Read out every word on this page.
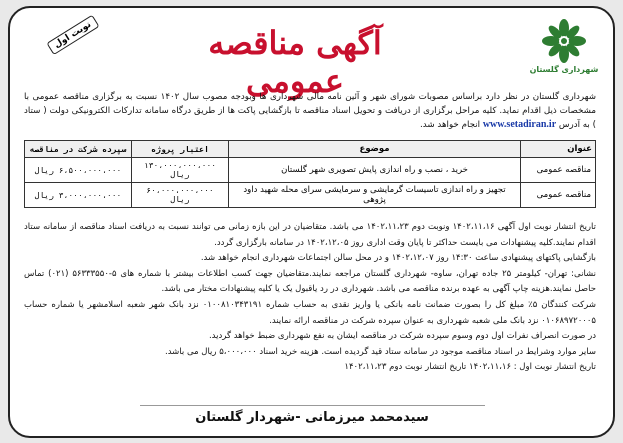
شهرداری گلستان
آگهی مناقصه عمومی
نوبت اول
شهرداری گلستان در نظر دارد براساس مصوبات شورای شهر و آئین نامه مالی شهرداری ها وبودجه مصوب سال ۱۴۰۲ نسبت به برگزاری مناقصه عمومی با مشخصات ذیل اقدام نماید. کلیه مراحل برگزاری از دریافت و تحویل اسناد مناقصه تا بازگشایی پاکت ها از طریق درگاه سامانه تدارکات الکترونیکی دولت ( ستاد ) به آدرس www.setadiran.ir انجام خواهد شد.
عنوان	موضوع	اعتبار پروژه	سپرده شرکت در مناقصه
مناقصه عمومی	خرید ، نصب و راه اندازی پایش تصویری شهر گلستان	۱۳۰،۰۰۰،۰۰۰،۰۰۰ ریال	۶،۵۰۰،۰۰۰،۰۰۰ ریال
مناقصه عمومی	تجهیز و راه اندازی تاسیسات گرمایشی و سرمایشی سرای محله شهید داود پژوهی	۶۰،۰۰۰،۰۰۰،۰۰۰ ریال	۳،۰۰۰،۰۰۰،۰۰۰ ریال

تاریخ انتشار نوبت اول آگهی ۱۴۰۲،۱۱،۱۶ ونوبت دوم ۱۴۰۲،۱۱،۲۳ می باشد. متقاضیان در این بازه زمانی می توانند نسبت به دریافت اسناد مناقصه از سامانه ستاد اقدام نمایند.کلیه پیشنهادات می بایست حداکثر تا پایان وقت اداری روز ۱۴۰۲،۱۲،۰۵ در سامانه بارگزاری گردد.

بازگشایی پاکتهای پیشنهادی ساعت ۱۴:۳۰ روز ۱۴۰۲،۱۲،۰۷ و در محل سالن اجتماعات شهرداری انجام خواهد شد.

نشانی: تهران- کیلومتر ۲۵ جاده تهران، ساوه- شهرداری گلستان مراجعه نمایند.متقاضیان جهت کسب اطلاعات بیشتر با شماره های ۵-۵۶۳۳۳۵۵۰ (۰۲۱) تماس حاصل نمایند.هزینه چاپ آگهی به عهده برنده مناقصه می باشد. شهرداری در رد یاقبول یک یا کلیه پیشنهادات مختار می باشد.

شرکت کنندگان ۵٪ مبلغ کل را بصورت ضمانت نامه بانکی یا واریز نقدی به حساب شماره ۰۱۰۰۸۱۰۳۴۳۱۹۱ نزد بانک شهر شعبه اسلامشهر یا شماره حساب ۰۱۰۶۸۹۷۲۰۰۰۵ نزد بانک ملی شعبه شهرداری به عنوان سپرده شرکت در مناقصه ارائه نمایند.

در صورت انصراف نفرات اول دوم وسوم سپرده شرکت در مناقصه ایشان به نفع شهرداری ضبط خواهد گردید.

سایر موارد وشرایط در اسناد مناقصه موجود در سامانه ستاد قید گردیده است. هزینه خرید اسناد ۵،۰۰۰،۰۰۰ ریال می باشد.

تاریخ انتشار نوبت اول : ۱۴۰۲،۱۱،۱۶ تاریخ انتشار نوبت دوم ۱۴۰۲،۱۱،۲۳

سیدمحمد میرزمانی -شهردار گلستان
